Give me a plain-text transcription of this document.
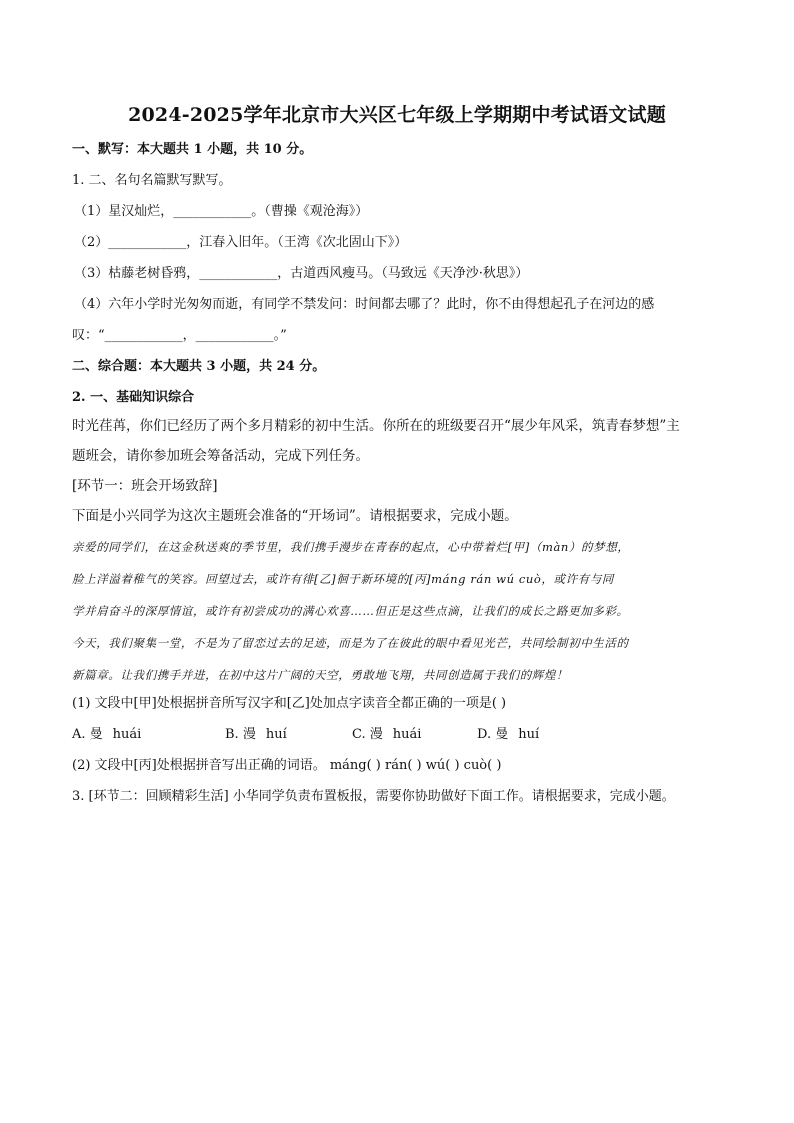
2024-2025学年北京市大兴区七年级上学期期中考试语文试题
一、默写：本大题共 1 小题，共 10 分。
1. 二、名句名篇默写默写。
（1）星汉灿烂，____________。（曹操《观沧海》）
（2）____________，江春入旧年。（王湾《次北固山下》）
（3）枯藤老树昏鸦，____________，古道西风瘦马。（马致远《天净沙·秋思》）
（4）六年小学时光匆匆而逝，有同学不禁发问：时间都去哪了？此时，你不由得想起孔子在河边的感
叹：“____________，____________。”
二、综合题：本大题共 3 小题，共 24 分。
2. 一、基础知识综合
时光荏苒，你们已经历了两个多月精彩的初中生活。你所在的班级要召开“展少年风采，筑青春梦想”主
题班会，请你参加班会筹备活动，完成下列任务。
[环节一：班会开场致辞]
下面是小兴同学为这次主题班会准备的“开场词”。请根据要求，完成小题。
亲爱的同学们，在这金秋送爽的季节里，我们携手漫步在青春的起点，心中带着烂[甲]（màn）的梦想，
脸上洋溢着稚气的笑容。回望过去，或许有徘[乙]徊于新环境的[丙]máng rán wú cuò，或许有与同
学并肩奋斗的深厚情谊，或许有初尝成功的满心欢喜……但正是这些点滴，让我们的成长之路更加多彩。
今天，我们聚集一堂，不是为了留恋过去的足迹，而是为了在彼此的眼中看见光芒，共同绘制初中生活的
新篇章。让我们携手并进，在初中这片广阔的天空，勇敢地飞翔，共同创造属于我们的辉煌！
(1) 文段中[甲]处根据拼音所写汉字和[乙]处加点字读音全都正确的一项是( )
A. 曼 huái	B. 漫 huí	C. 漫 huái	D. 曼 huí
(2) 文段中[丙]处根据拼音写出正确的词语。 máng( ) rán( ) wú( ) cuò( )
3. [环节二：回顾精彩生活] 小华同学负责布置板报，需要你协助做好下面工作。请根据要求，完成小题。
